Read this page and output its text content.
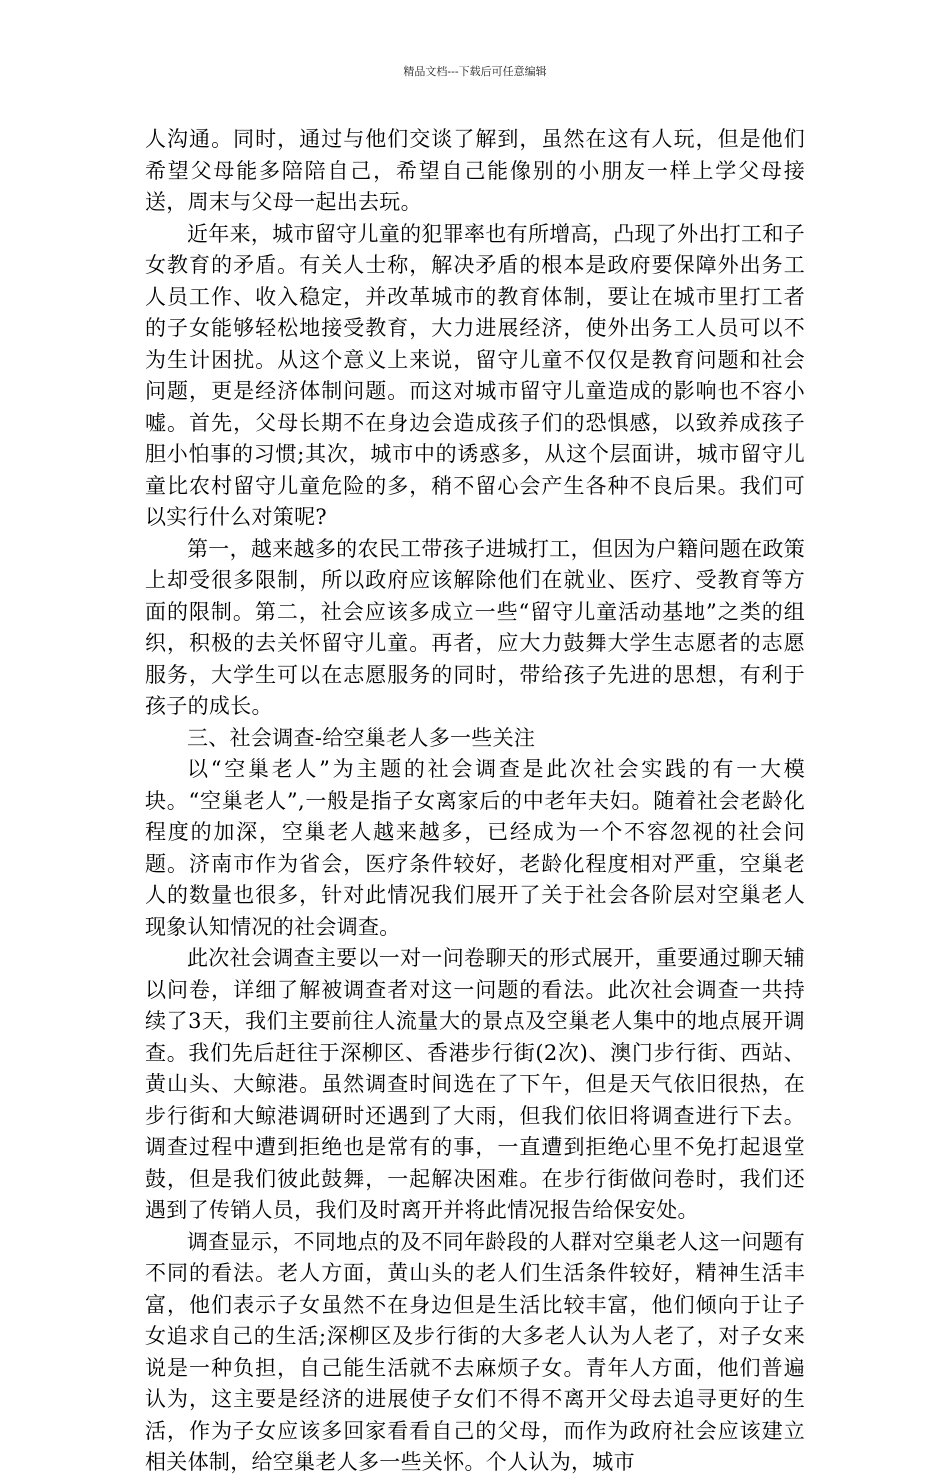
精品文档---下载后可任意编辑

人沟通。同时，通过与他们交谈了解到，虽然在这有人玩，但是他们希望父母能多陪陪自己，希望自己能像别的小朋友一样上学父母接送，周末与父母一起出去玩。

近年来，城市留守儿童的犯罪率也有所增高，凸现了外出打工和子女教育的矛盾。有关人士称，解决矛盾的根本是政府要保障外出务工人员工作、收入稳定，并改革城市的教育体制，要让在城市里打工者的子女能够轻松地接受教育，大力进展经济，使外出务工人员可以不为生计困扰。从这个意义上来说，留守儿童不仅仅是教育问题和社会问题，更是经济体制问题。而这对城市留守儿童造成的影响也不容小嘘。首先，父母长期不在身边会造成孩子们的恐惧感，以致养成孩子胆小怕事的习惯;其次，城市中的诱惑多，从这个层面讲，城市留守儿童比农村留守儿童危险的多，稍不留心会产生各种不良后果。我们可以实行什么对策呢?

第一，越来越多的农民工带孩子进城打工，但因为户籍问题在政策上却受很多限制，所以政府应该解除他们在就业、医疗、受教育等方面的限制。第二，社会应该多成立一些“留守儿童活动基地”之类的组织，积极的去关怀留守儿童。再者，应大力鼓舞大学生志愿者的志愿服务，大学生可以在志愿服务的同时，带给孩子先进的思想，有利于孩子的成长。

三、社会调查-给空巢老人多一些关注

以“空巢老人”为主题的社会调查是此次社会实践的有一大模块。“空巢老人”,一般是指子女离家后的中老年夫妇。随着社会老龄化程度的加深，空巢老人越来越多，已经成为一个不容忽视的社会问题。济南市作为省会，医疗条件较好，老龄化程度相对严重，空巢老人的数量也很多，针对此情况我们展开了关于社会各阶层对空巢老人现象认知情况的社会调查。

此次社会调查主要以一对一问卷聊天的形式展开，重要通过聊天辅以问卷，详细了解被调查者对这一问题的看法。此次社会调查一共持续了3天，我们主要前往人流量大的景点及空巢老人集中的地点展开调查。我们先后赶往于深柳区、香港步行街(2次)、澳门步行街、西站、黄山头、大鲸港。虽然调查时间选在了下午，但是天气依旧很热，在步行街和大鲸港调研时还遇到了大雨，但我们依旧将调查进行下去。调查过程中遭到拒绝也是常有的事，一直遭到拒绝心里不免打起退堂鼓，但是我们彼此鼓舞，一起解决困难。在步行街做问卷时，我们还遇到了传销人员，我们及时离开并将此情况报告给保安处。

调查显示，不同地点的及不同年龄段的人群对空巢老人这一问题有不同的看法。老人方面，黄山头的老人们生活条件较好，精神生活丰富，他们表示子女虽然不在身边但是生活比较丰富，他们倾向于让子女追求自己的生活;深柳区及步行街的大多老人认为人老了，对子女来说是一种负担，自己能生活就不去麻烦子女。青年人方面，他们普遍认为，这主要是经济的进展使子女们不得不离开父母去追寻更好的生活，作为子女应该多回家看看自己的父母，而作为政府社会应该建立相关体制，给空巢老人多一些关怀。个人认为，城市
